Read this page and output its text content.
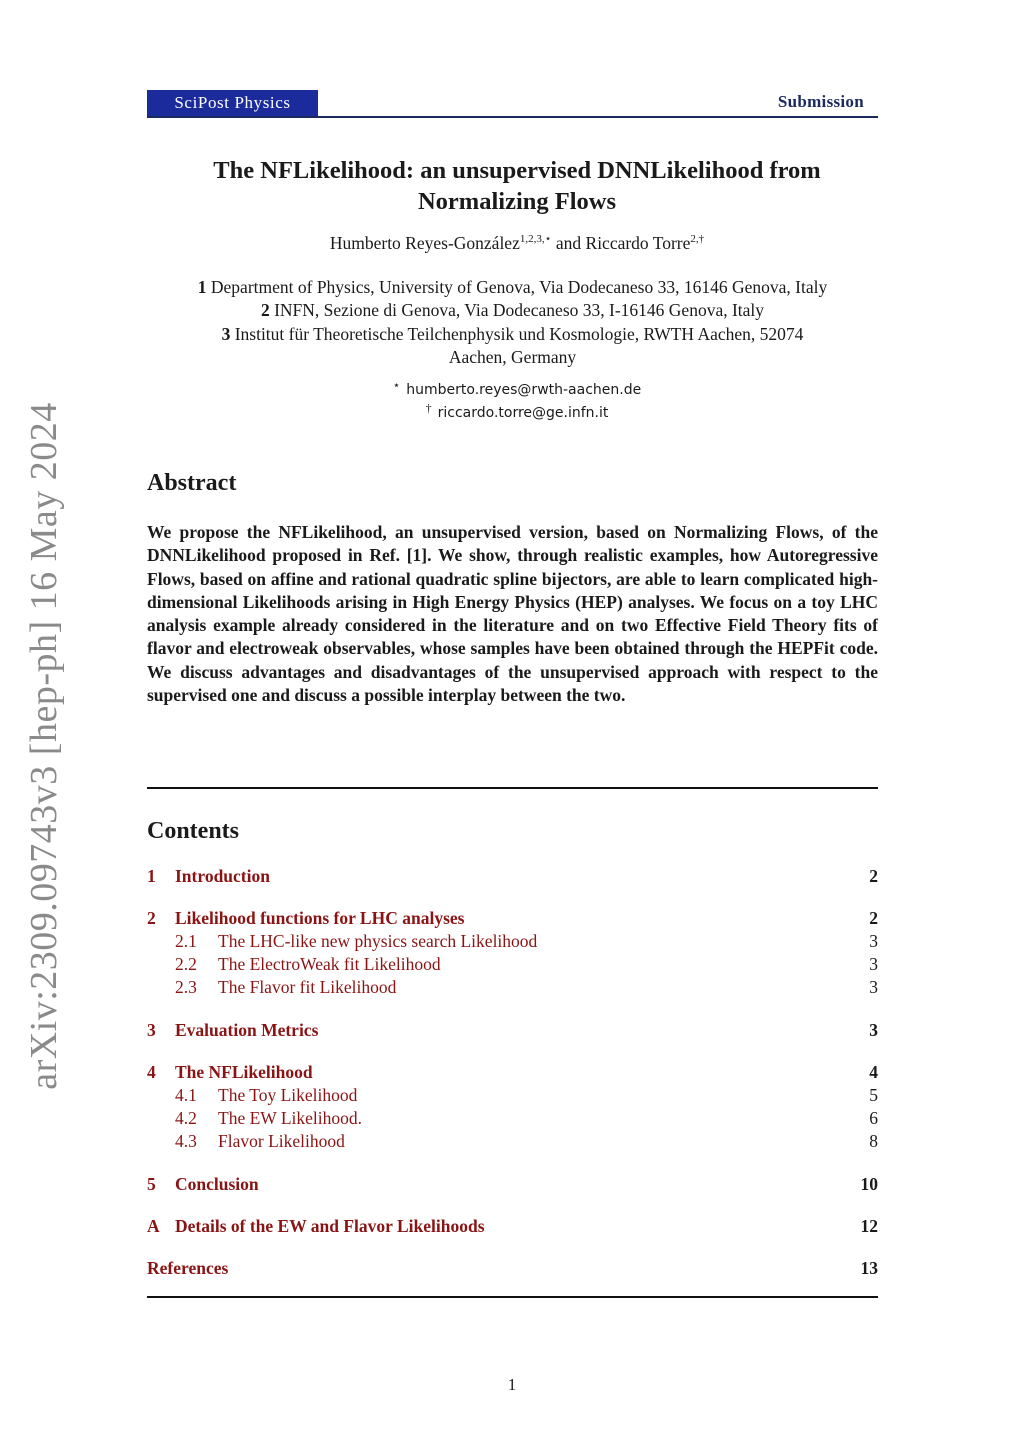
arXiv:2309.09743v3 [hep-ph] 16 May 2024
SciPost Physics	Submission
The NFLikelihood: an unsupervised DNNLikelihood from
Normalizing Flows
Humberto Reyes-González$^{1,2,3,⋆}$ and Riccardo Torre$^{2,\dagger}$
1 Department of Physics, University of Genova, Via Dodecaneso 33, 16146 Genova, Italy
2 INFN, Sezione di Genova, Via Dodecaneso 33, I-16146 Genova, Italy
3 Institut für Theoretische Teilchenphysik und Kosmologie, RWTH Aachen, 52074
Aachen, Germany
⋆ humberto.reyes@rwth-aachen.de
† riccardo.torre@ge.infn.it
Abstract
We propose the NFLikelihood, an unsupervised version, based on Normalizing Flows, of the DNNLikelihood proposed in Ref. [1]. We show, through realistic examples, how Autoregressive Flows, based on affine and rational quadratic spline bijectors, are able to learn complicated high-dimensional Likelihoods arising in High Energy Physics (HEP) analyses. We focus on a toy LHC analysis example already considered in the literature and on two Effective Field Theory fits of flavor and electroweak observables, whose samples have been obtained through the HEPFit code. We discuss advantages and disadvantages of the unsupervised approach with respect to the supervised one and discuss a possible interplay between the two.
Contents
1 Introduction	2
2 Likelihood functions for LHC analyses	2
2.1 The LHC-like new physics search Likelihood	3
2.2 The ElectroWeak fit Likelihood	3
2.3 The Flavor fit Likelihood	3
3 Evaluation Metrics	3
4 The NFLikelihood	4
4.1 The Toy Likelihood	5
4.2 The EW Likelihood.	6
4.3 Flavor Likelihood	8
5 Conclusion	10
A Details of the EW and Flavor Likelihoods	12
References	13
1
